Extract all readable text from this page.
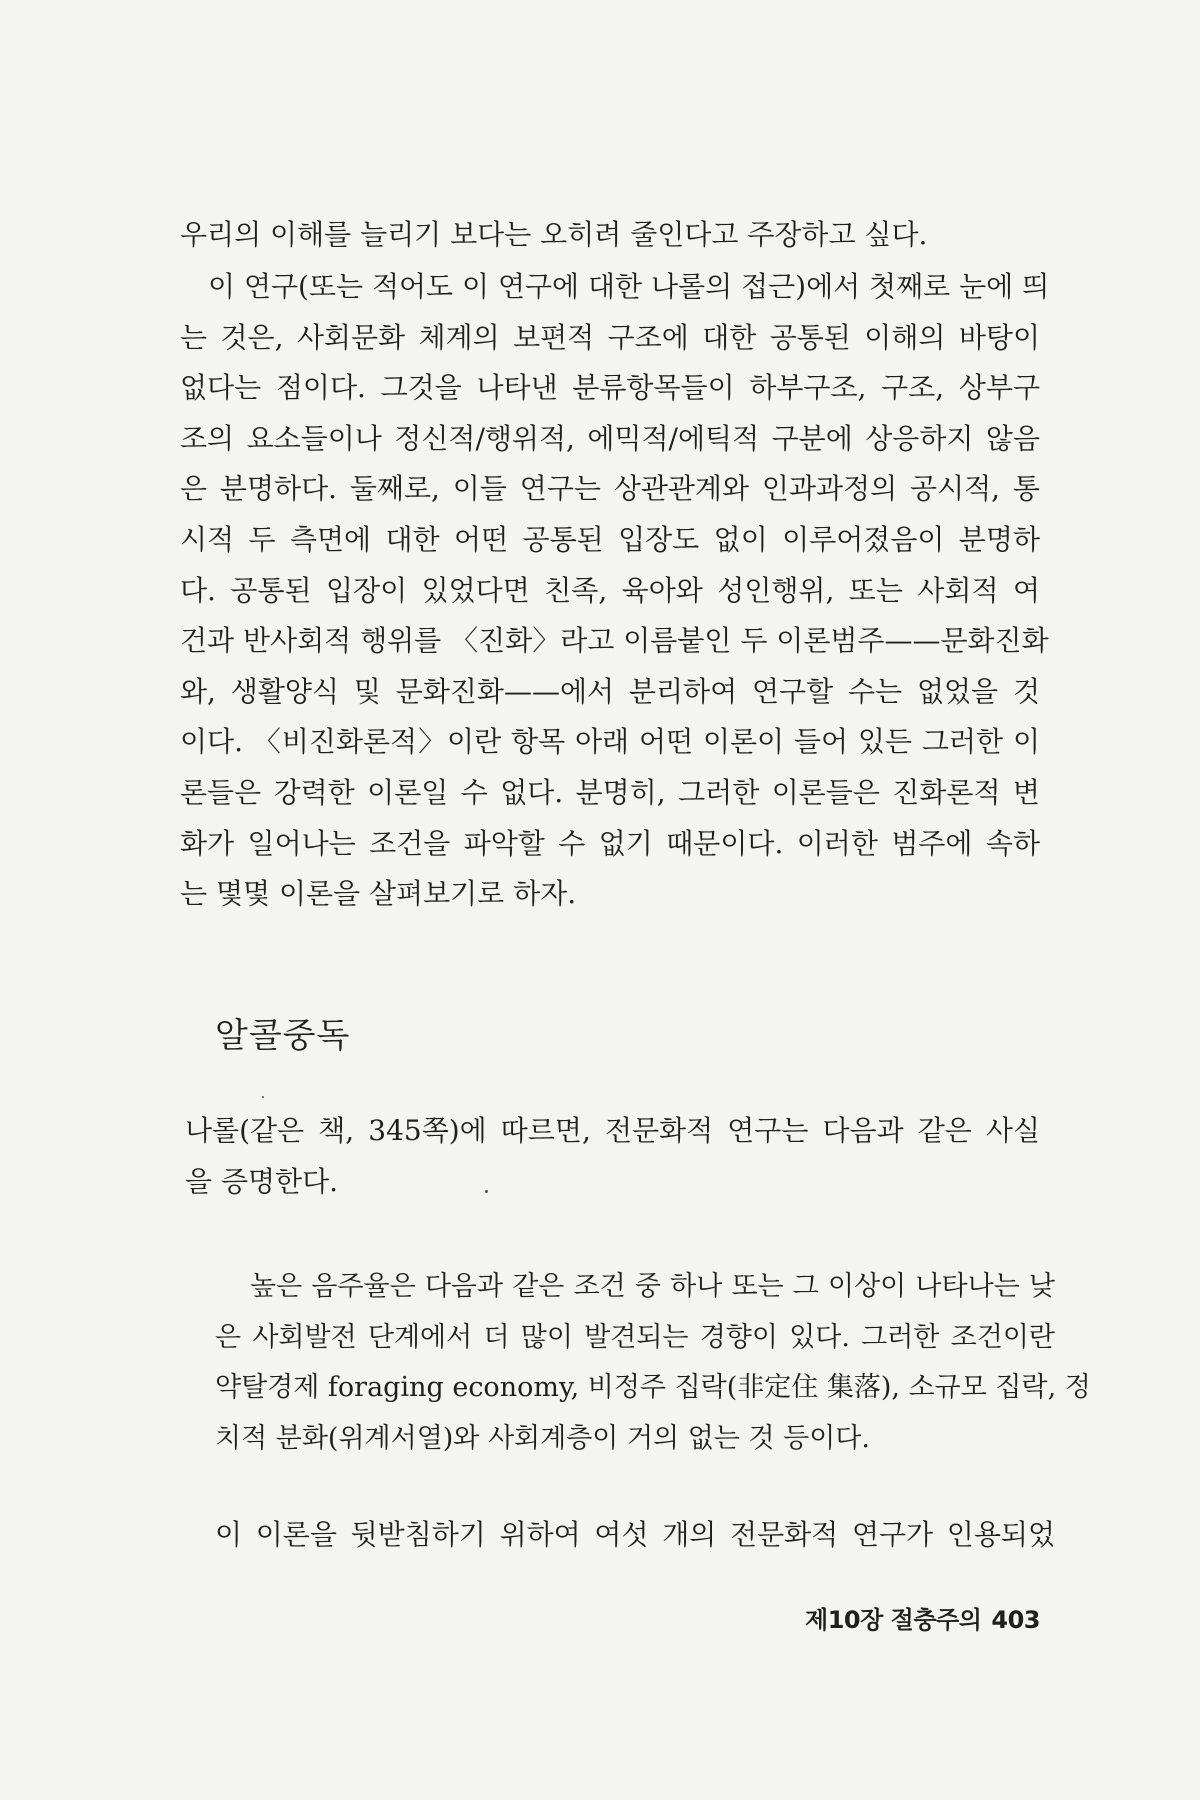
우리의 이해를 늘리기 보다는 오히려 줄인다고 주장하고 싶다.
이 연구(또는 적어도 이 연구에 대한 나롤의 접근)에서 첫째로 눈에 띄
는 것은, 사회문화 체계의 보편적 구조에 대한 공통된 이해의 바탕이
없다는 점이다. 그것을 나타낸 분류항목들이 하부구조, 구조, 상부구
조의 요소들이나 정신적/행위적, 에믹적/에틱적 구분에 상응하지 않음
은 분명하다. 둘째로, 이들 연구는 상관관계와 인과과정의 공시적, 통
시적 두 측면에 대한 어떤 공통된 입장도 없이 이루어졌음이 분명하
다. 공통된 입장이 있었다면 친족, 육아와 성인행위, 또는 사회적 여
건과 반사회적 행위를 〈진화〉라고 이름붙인 두 이론범주——문화진화
와, 생활양식 및 문화진화——에서 분리하여 연구할 수는 없었을 것
이다. 〈비진화론적〉이란 항목 아래 어떤 이론이 들어 있든 그러한 이
론들은 강력한 이론일 수 없다. 분명히, 그러한 이론들은 진화론적 변
화가 일어나는 조건을 파악할 수 없기 때문이다. 이러한 범주에 속하
는 몇몇 이론을 살펴보기로 하자.
알콜중독
나롤(같은 책, 345쪽)에 따르면, 전문화적 연구는 다음과 같은 사실
을 증명한다.
높은 음주율은 다음과 같은 조건 중 하나 또는 그 이상이 나타나는 낮
은 사회발전 단계에서 더 많이 발견되는 경향이 있다. 그러한 조건이란
약탈경제 foraging economy, 비정주 집락(非定住 集落), 소규모 집락, 정
치적 분화(위계서열)와 사회계층이 거의 없는 것 등이다.
이 이론을 뒷받침하기 위하여 여섯 개의 전문화적 연구가 인용되었
제10장 절충주의 403
